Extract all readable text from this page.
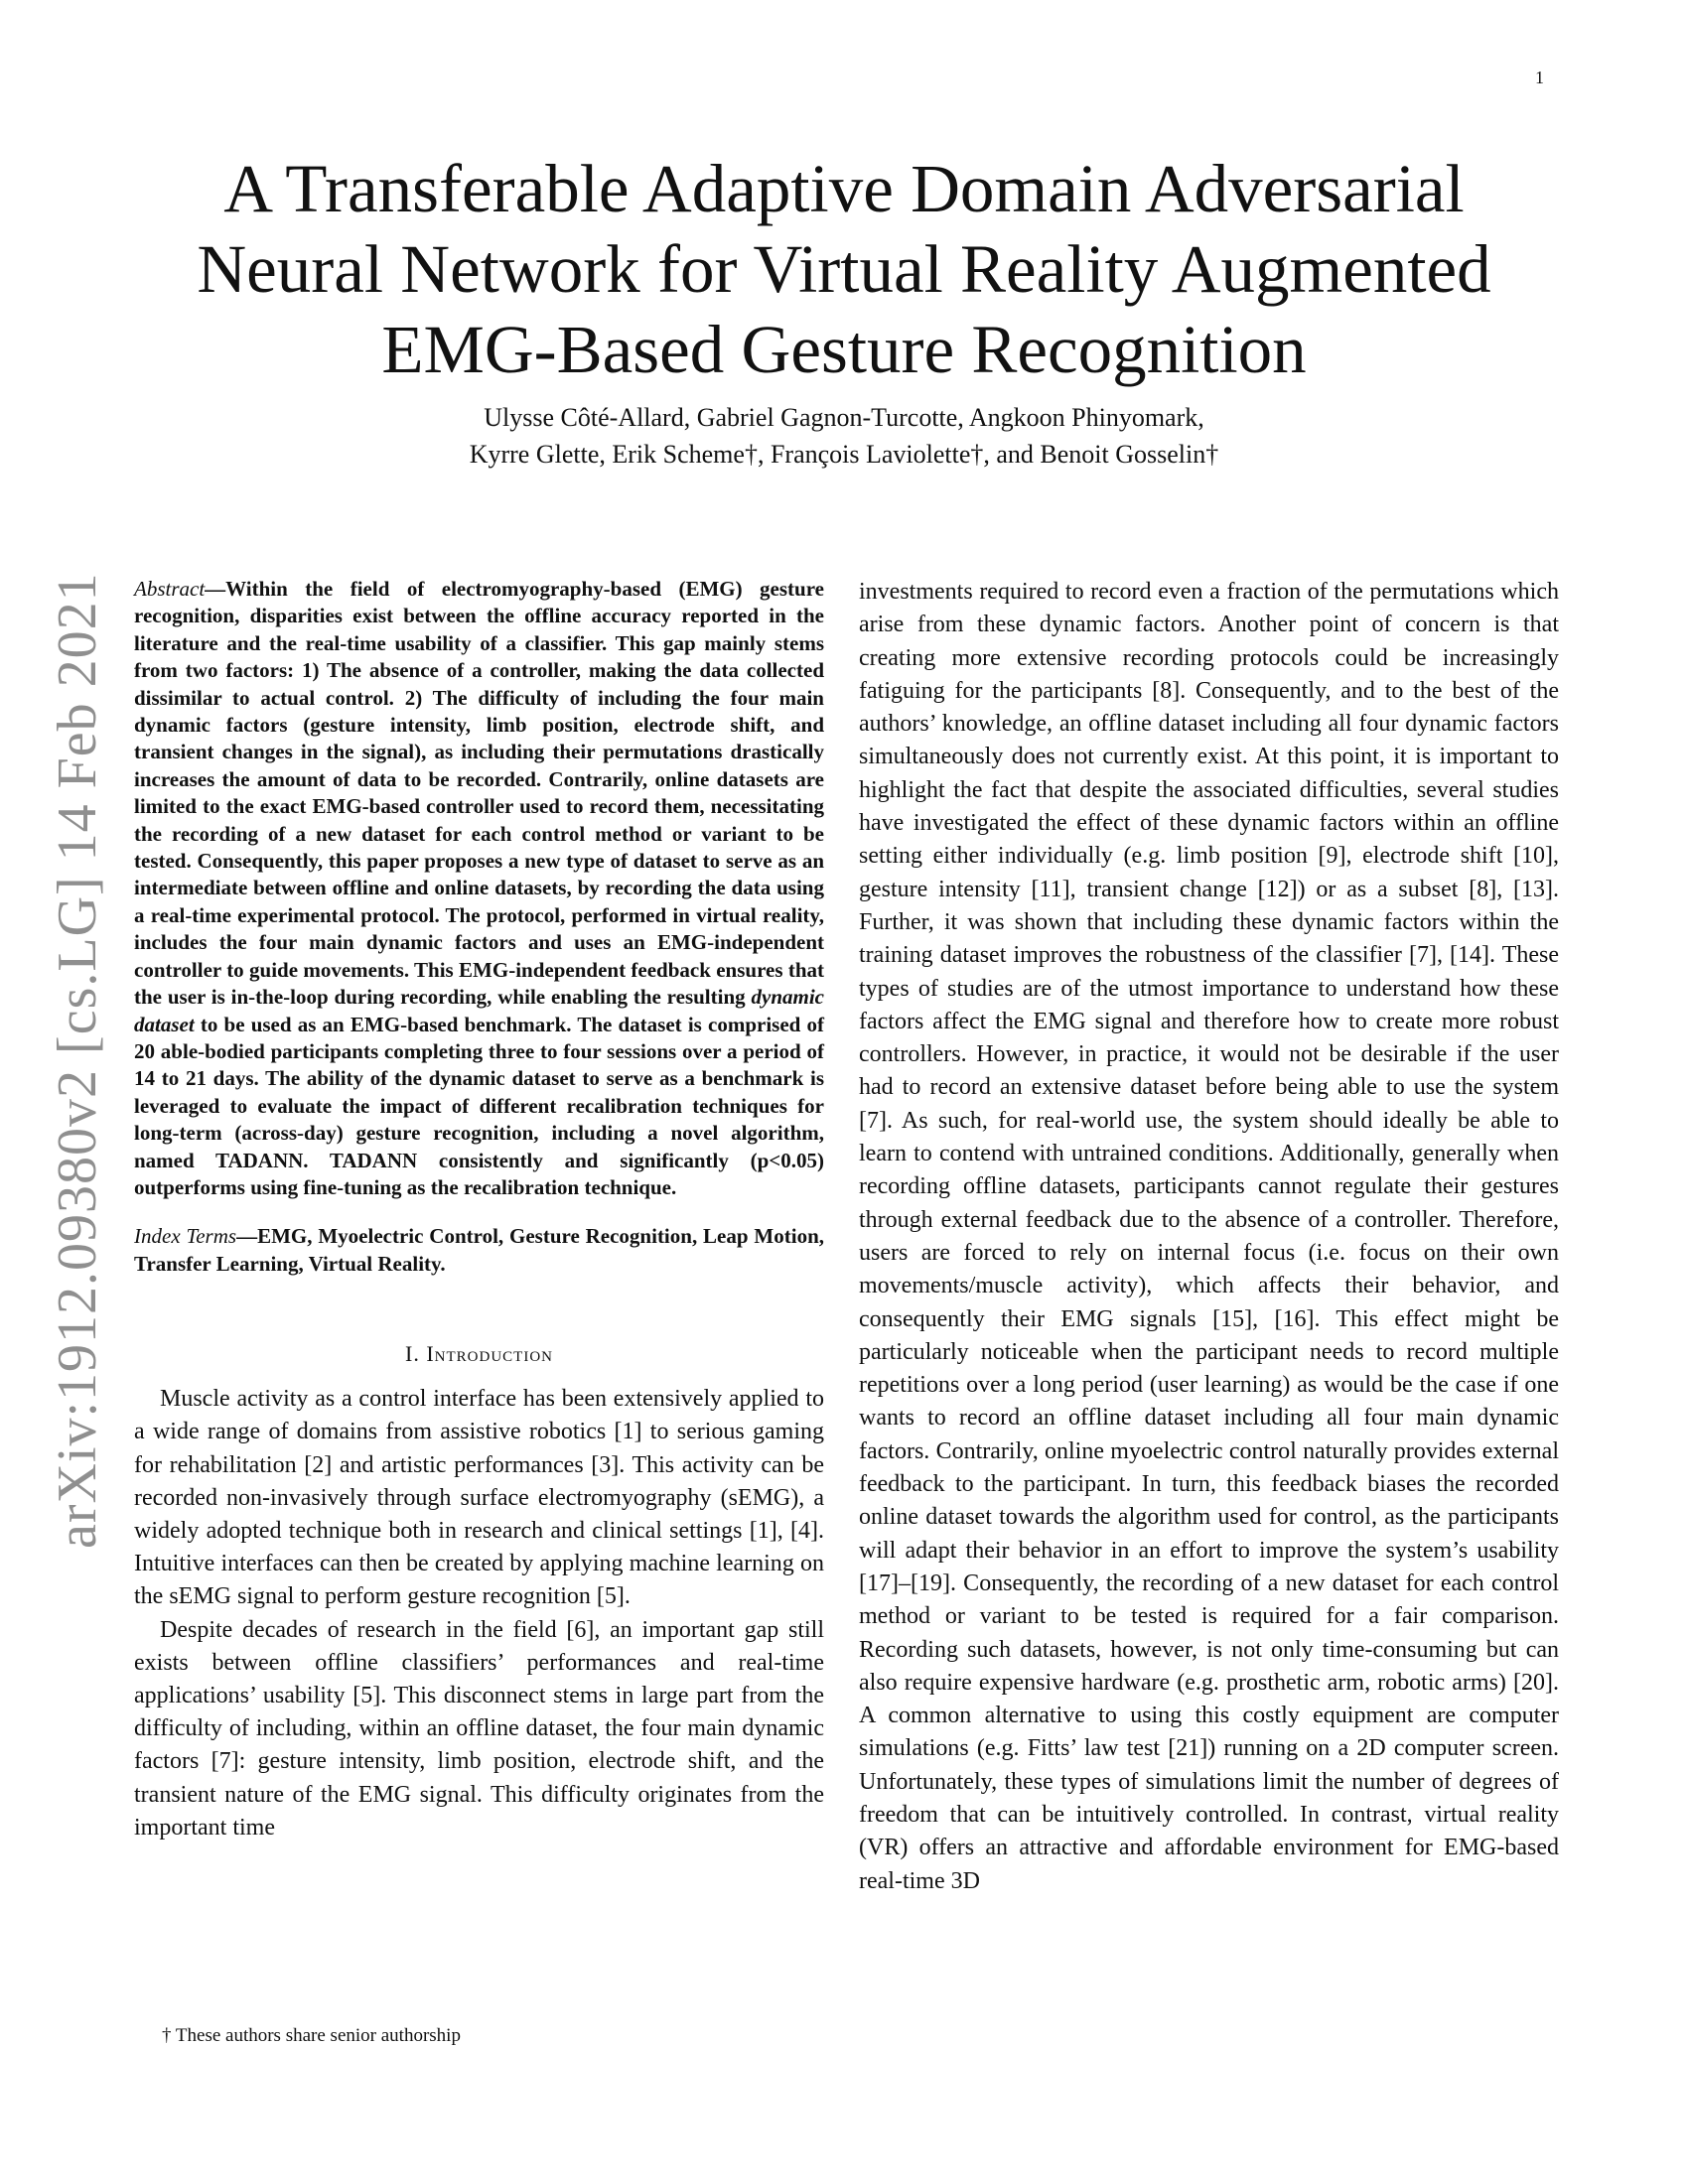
1
arXiv:1912.09380v2 [cs.LG] 14 Feb 2021
A Transferable Adaptive Domain Adversarial
Neural Network for Virtual Reality Augmented
EMG-Based Gesture Recognition
Ulysse Côté-Allard, Gabriel Gagnon-Turcotte, Angkoon Phinyomark,
Kyrre Glette, Erik Scheme†, François Laviolette†, and Benoit Gosselin†

Abstract—Within the field of electromyography-based (EMG) gesture recognition, disparities exist between the offline accuracy reported in the literature and the real-time usability of a classifier. This gap mainly stems from two factors: 1) The absence of a controller, making the data collected dissimilar to actual control. 2) The difficulty of including the four main dynamic factors (gesture intensity, limb position, electrode shift, and transient changes in the signal), as including their permutations drastically increases the amount of data to be recorded. Contrarily, online datasets are limited to the exact EMG-based controller used to record them, necessitating the recording of a new dataset for each control method or variant to be tested. Consequently, this paper proposes a new type of dataset to serve as an intermediate between offline and online datasets, by recording the data using a real-time experimental protocol. The protocol, performed in virtual reality, includes the four main dynamic factors and uses an EMG-independent controller to guide movements. This EMG-independent feedback ensures that the user is in-the-loop during recording, while enabling the resulting dynamic dataset to be used as an EMG-based benchmark. The dataset is comprised of 20 able-bodied participants completing three to four sessions over a period of 14 to 21 days. The ability of the dynamic dataset to serve as a benchmark is leveraged to evaluate the impact of different recalibration techniques for long-term (across-day) gesture recognition, including a novel algorithm, named TADANN. TADANN consistently and significantly (p<0.05) outperforms using fine-tuning as the recalibration technique.

Index Terms—EMG, Myoelectric Control, Gesture Recognition, Leap Motion, Transfer Learning, Virtual Reality.

I. Introduction

Muscle activity as a control interface has been extensively applied to a wide range of domains from assistive robotics [1] to serious gaming for rehabilitation [2] and artistic performances [3]. This activity can be recorded non-invasively through surface electromyography (sEMG), a widely adopted technique both in research and clinical settings [1], [4]. Intuitive interfaces can then be created by applying machine learning on the sEMG signal to perform gesture recognition [5].

Despite decades of research in the field [6], an important gap still exists between offline classifiers’ performances and real-time applications’ usability [5]. This disconnect stems in large part from the difficulty of including, within an offline dataset, the four main dynamic factors [7]: gesture intensity, limb position, electrode shift, and the transient nature of the EMG signal. This difficulty originates from the important time

investments required to record even a fraction of the permutations which arise from these dynamic factors. Another point of concern is that creating more extensive recording protocols could be increasingly fatiguing for the participants [8]. Consequently, and to the best of the authors’ knowledge, an offline dataset including all four dynamic factors simultaneously does not currently exist. At this point, it is important to highlight the fact that despite the associated difficulties, several studies have investigated the effect of these dynamic factors within an offline setting either individually (e.g. limb position [9], electrode shift [10], gesture intensity [11], transient change [12]) or as a subset [8], [13]. Further, it was shown that including these dynamic factors within the training dataset improves the robustness of the classifier [7], [14]. These types of studies are of the utmost importance to understand how these factors affect the EMG signal and therefore how to create more robust controllers. However, in practice, it would not be desirable if the user had to record an extensive dataset before being able to use the system [7]. As such, for real-world use, the system should ideally be able to learn to contend with untrained conditions. Additionally, generally when recording offline datasets, participants cannot regulate their gestures through external feedback due to the absence of a controller. Therefore, users are forced to rely on internal focus (i.e. focus on their own movements/muscle activity), which affects their behavior, and consequently their EMG signals [15], [16]. This effect might be particularly noticeable when the participant needs to record multiple repetitions over a long period (user learning) as would be the case if one wants to record an offline dataset including all four main dynamic factors. Contrarily, online myoelectric control naturally provides external feedback to the participant. In turn, this feedback biases the recorded online dataset towards the algorithm used for control, as the participants will adapt their behavior in an effort to improve the system’s usability [17]–[19]. Consequently, the recording of a new dataset for each control method or variant to be tested is required for a fair comparison. Recording such datasets, however, is not only time-consuming but can also require expensive hardware (e.g. prosthetic arm, robotic arms) [20]. A common alternative to using this costly equipment are computer simulations (e.g. Fitts’ law test [21]) running on a 2D computer screen. Unfortunately, these types of simulations limit the number of degrees of freedom that can be intuitively controlled. In contrast, virtual reality (VR) offers an attractive and affordable environment for EMG-based real-time 3D

† These authors share senior authorship
